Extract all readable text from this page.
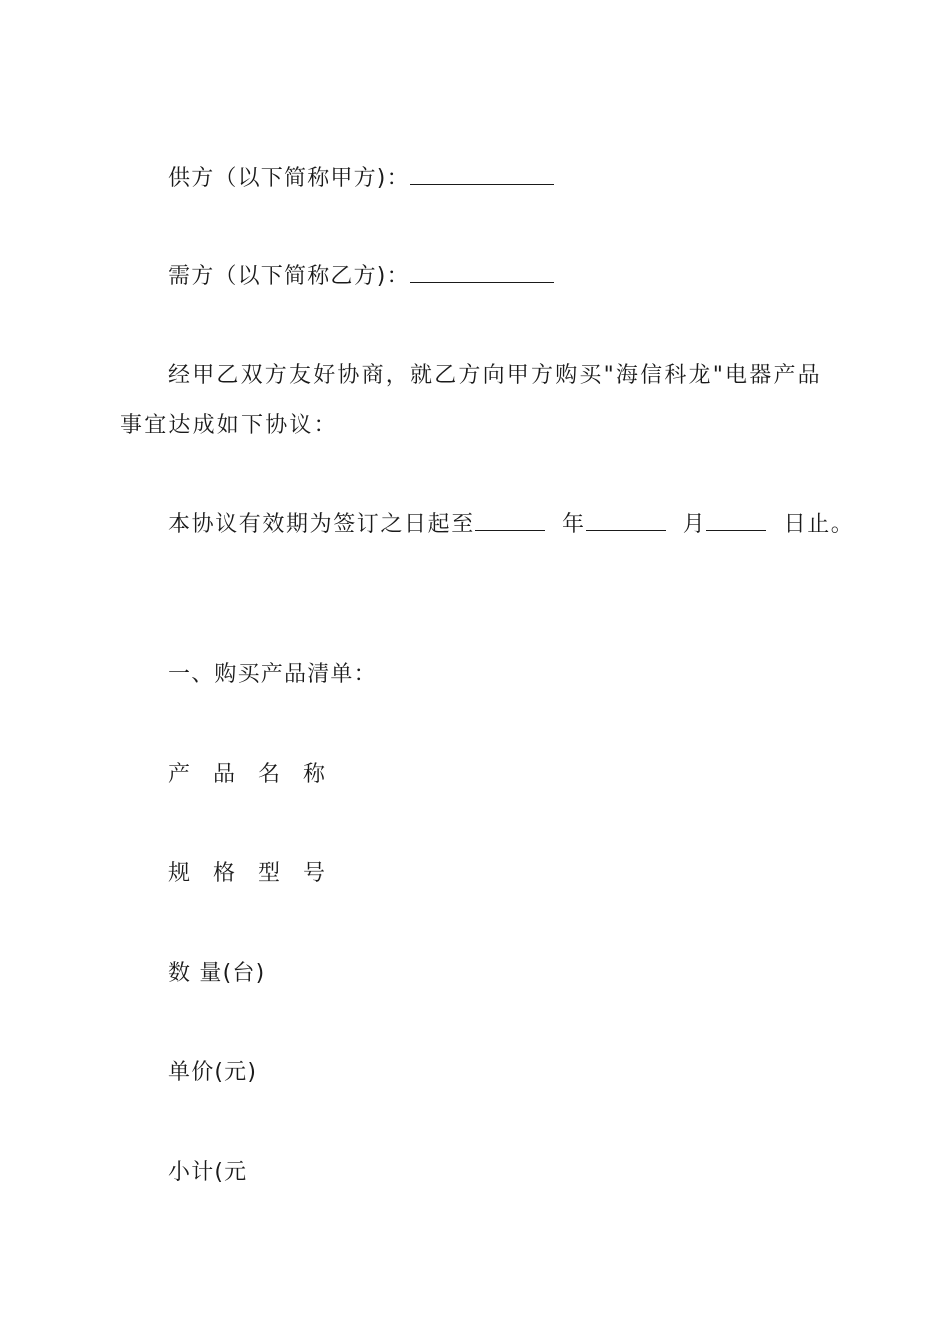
供方（以下简称甲方)：
需方（以下简称乙方)：
经甲乙双方友好协商，就乙方向甲方购买"海信科龙"电器产品
事宜达成如下协议：
本协议有效期为签订之日起至	年	月	日止。
一、购买产品清单：
产 品 名 称
规 格 型 号
数 量(台)
单价(元)
小计(元
